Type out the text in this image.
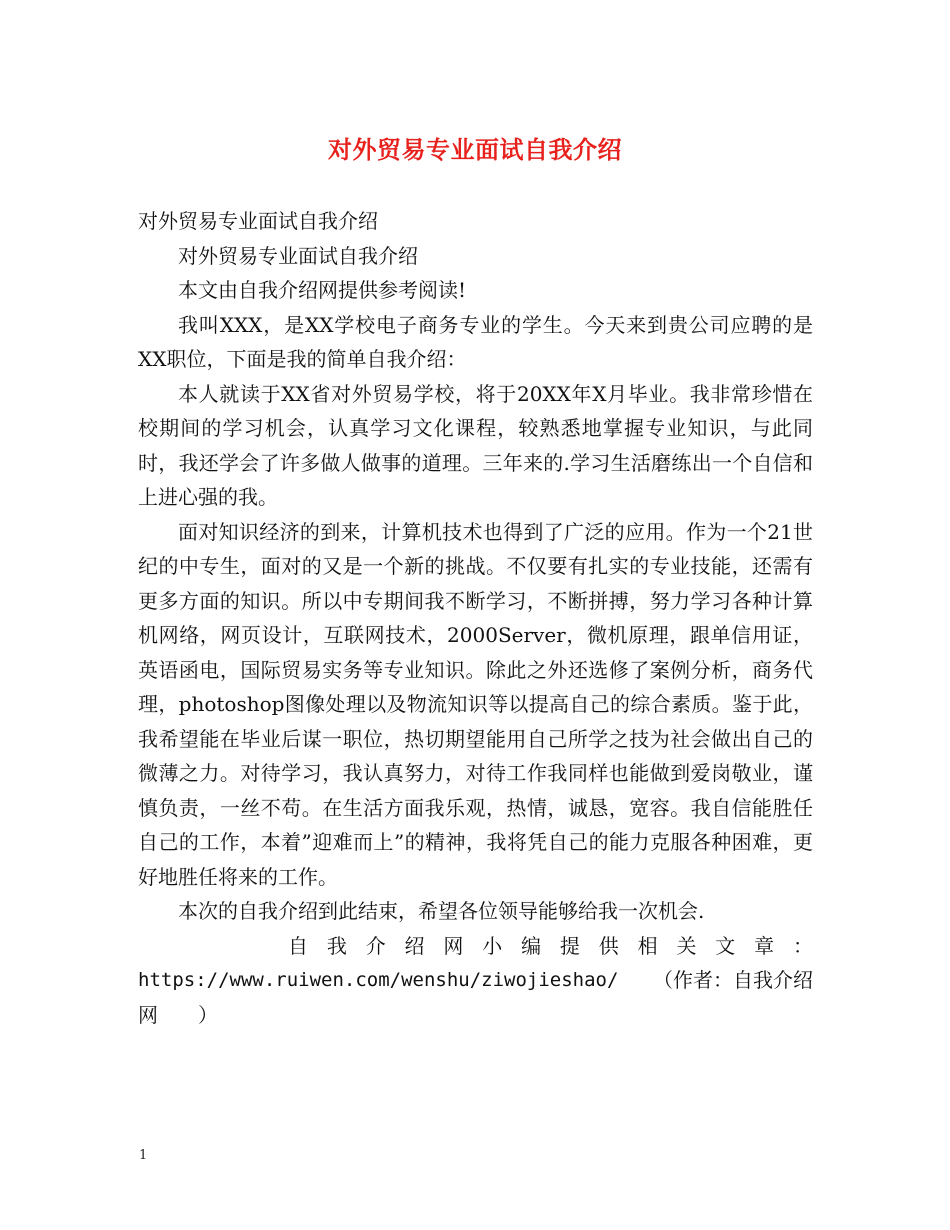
对外贸易专业面试自我介绍

对外贸易专业面试自我介绍

对外贸易专业面试自我介绍

本文由自我介绍网提供参考阅读!

我叫XXX，是XX学校电子商务专业的学生。今天来到贵公司应聘的是XX职位，下面是我的简单自我介绍：

本人就读于XX省对外贸易学校，将于20XX年X月毕业。我非常珍惜在校期间的学习机会，认真学习文化课程，较熟悉地掌握专业知识，与此同时，我还学会了许多做人做事的道理。三年来的.学习生活磨练出一个自信和上进心强的我。

面对知识经济的到来，计算机技术也得到了广泛的应用。作为一个21世纪的中专生，面对的又是一个新的挑战。不仅要有扎实的专业技能，还需有更多方面的知识。所以中专期间我不断学习，不断拼搏，努力学习各种计算机网络，网页设计，互联网技术，2000Server，微机原理，跟单信用证，英语函电，国际贸易实务等专业知识。除此之外还选修了案例分析，商务代理，photoshop图像处理以及物流知识等以提高自己的综合素质。鉴于此，我希望能在毕业后谋一职位，热切期望能用自己所学之技为社会做出自己的微薄之力。对待学习，我认真努力，对待工作我同样也能做到爱岗敬业，谨慎负责，一丝不苟。在生活方面我乐观，热情，诚恳，宽容。我自信能胜任自己的工作，本着”迎难而上”的精神，我将凭自己的能力克服各种困难，更好地胜任将来的工作。

本次的自我介绍到此结束，希望各位领导能够给我一次机会.

自 我 介 绍 网 小 编 提 供 相 关 文 章 ：
https://www.ruiwen.com/wenshu/ziwojieshao/ （作者：自我介绍

网　　）

1
